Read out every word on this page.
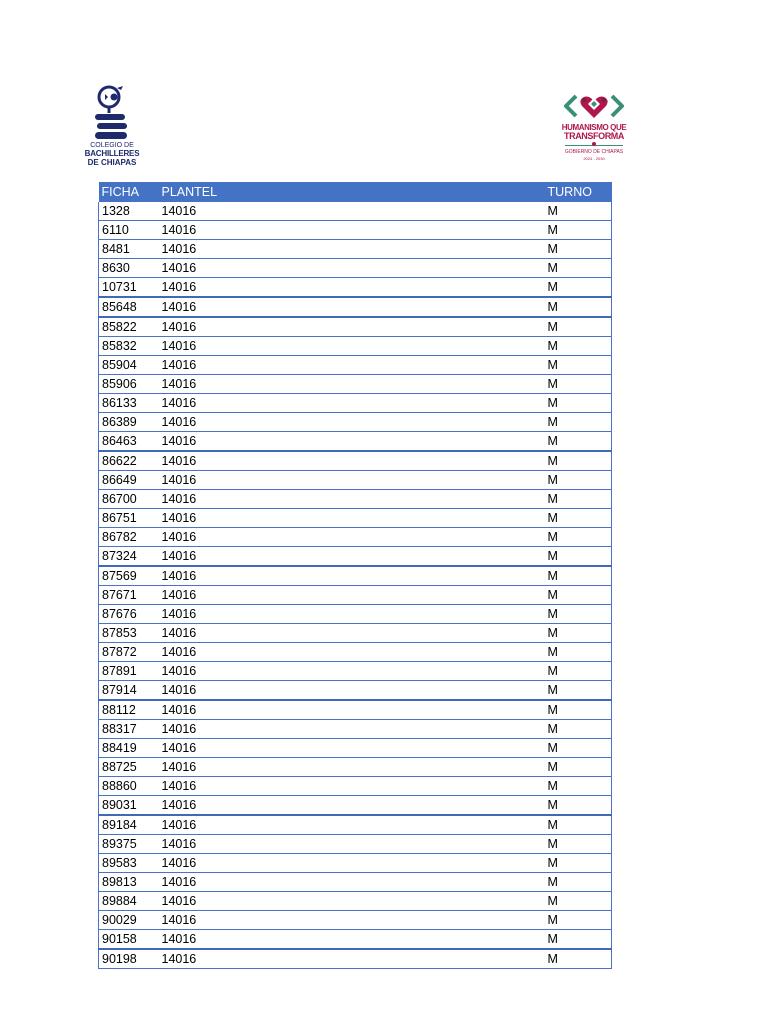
COLEGIO DE
BACHILLERES
DE CHIAPAS
HUMANISMO QUE
TRANSFORMA
GOBIERNO DE CHIAPAS
2024 - 2030
FICHA	PLANTEL	TURNO
1328	14016	M
6110	14016	M
8481	14016	M
8630	14016	M
10731	14016	M
85648	14016	M
85822	14016	M
85832	14016	M
85904	14016	M
85906	14016	M
86133	14016	M
86389	14016	M
86463	14016	M
86622	14016	M
86649	14016	M
86700	14016	M
86751	14016	M
86782	14016	M
87324	14016	M
87569	14016	M
87671	14016	M
87676	14016	M
87853	14016	M
87872	14016	M
87891	14016	M
87914	14016	M
88112	14016	M
88317	14016	M
88419	14016	M
88725	14016	M
88860	14016	M
89031	14016	M
89184	14016	M
89375	14016	M
89583	14016	M
89813	14016	M
89884	14016	M
90029	14016	M
90158	14016	M
90198	14016	M
